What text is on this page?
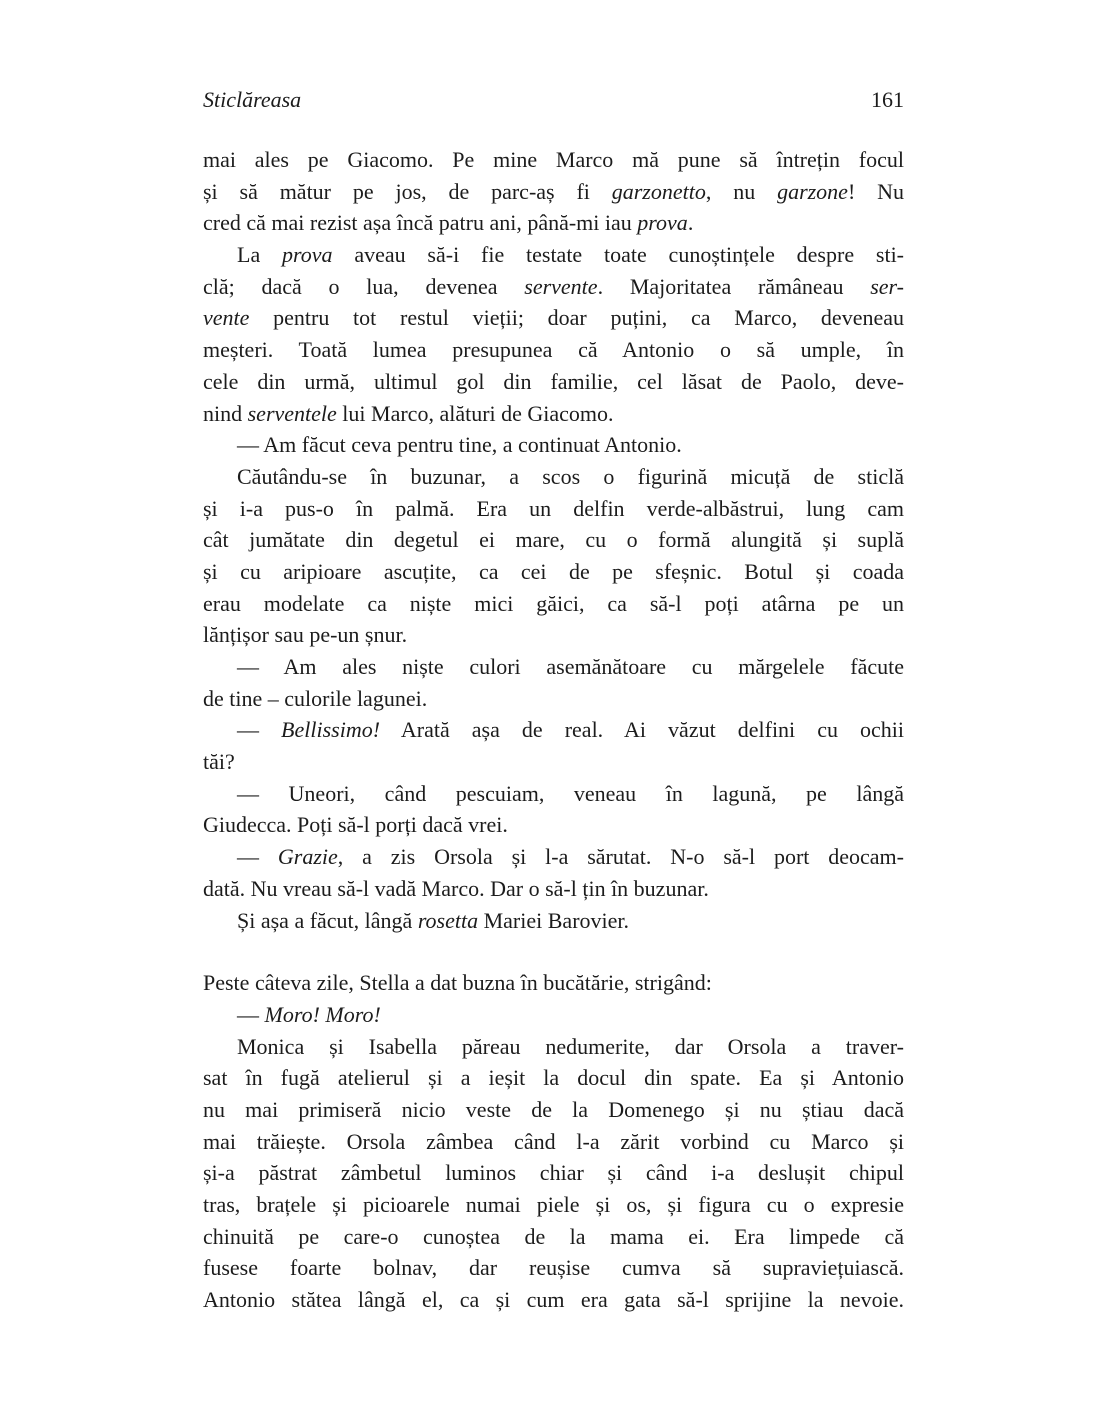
Sticlăreasa	161
mai ales pe Giacomo. Pe mine Marco mă pune să întrețin focul
și să mătur pe jos, de parc-aș fi garzonetto, nu garzone! Nu
cred că mai rezist așa încă patru ani, până-mi iau prova.
La prova aveau să-i fie testate toate cunoștințele despre sti-
clă; dacă o lua, devenea servente. Majoritatea rămâneau ser-
vente pentru tot restul vieții; doar puțini, ca Marco, deveneau
meșteri. Toată lumea presupunea că Antonio o să umple, în
cele din urmă, ultimul gol din familie, cel lăsat de Paolo, deve-
nind serventele lui Marco, alături de Giacomo.
— Am făcut ceva pentru tine, a continuat Antonio.
Căutându-se în buzunar, a scos o figurină micuță de sticlă
și i-a pus-o în palmă. Era un delfin verde-albăstrui, lung cam
cât jumătate din degetul ei mare, cu o formă alungită și suplă
și cu aripioare ascuțite, ca cei de pe sfeșnic. Botul și coada
erau modelate ca niște mici găici, ca să-l poți atârna pe un
lănțișor sau pe-un șnur.
— Am ales niște culori asemănătoare cu mărgelele făcute
de tine – culorile lagunei.
— Bellissimo! Arată așa de real. Ai văzut delfini cu ochii
tăi?
— Uneori, când pescuiam, veneau în lagună, pe lângă
Giudecca. Poți să-l porți dacă vrei.
— Grazie, a zis Orsola și l-a sărutat. N-o să-l port deocam-
dată. Nu vreau să-l vadă Marco. Dar o să-l țin în buzunar.
Și așa a făcut, lângă rosetta Mariei Barovier.
Peste câteva zile, Stella a dat buzna în bucătărie, strigând:
— Moro! Moro!
Monica și Isabella păreau nedumerite, dar Orsola a traver-
sat în fugă atelierul și a ieșit la docul din spate. Ea și Antonio
nu mai primiseră nicio veste de la Domenego și nu știau dacă
mai trăiește. Orsola zâmbea când l-a zărit vorbind cu Marco și
și-a păstrat zâmbetul luminos chiar și când i-a deslușit chipul
tras, brațele și picioarele numai piele și os, și figura cu o expresie
chinuită pe care-o cunoștea de la mama ei. Era limpede că
fusese foarte bolnav, dar reușise cumva să supraviețuiască.
Antonio stătea lângă el, ca și cum era gata să-l sprijine la nevoie.
